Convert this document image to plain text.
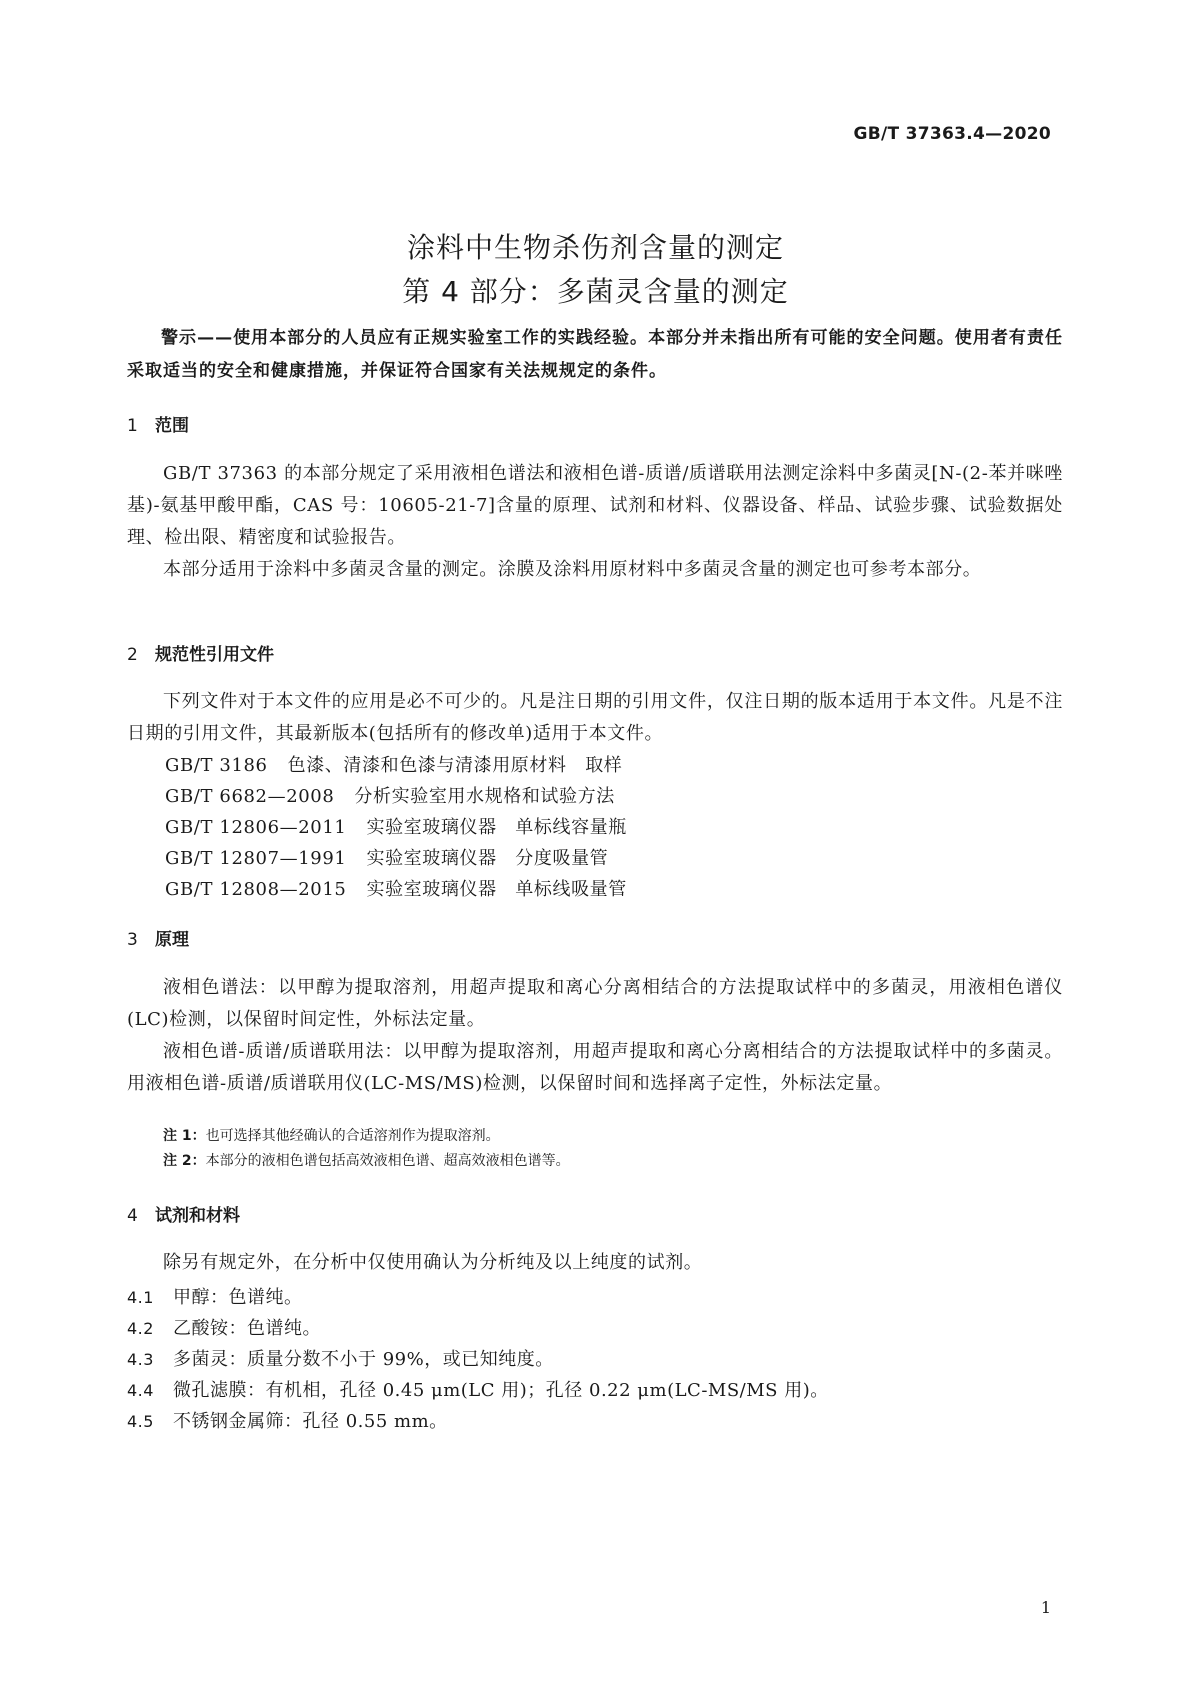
GB/T 37363.4—2020
涂料中生物杀伤剂含量的测定
第 4 部分：多菌灵含量的测定

警示——使用本部分的人员应有正规实验室工作的实践经验。本部分并未指出所有可能的安全问题。使用者有责任采取适当的安全和健康措施，并保证符合国家有关法规规定的条件。

1 范围

GB/T 37363 的本部分规定了采用液相色谱法和液相色谱-质谱/质谱联用法测定涂料中多菌灵[N-(2-苯并咪唑基)-氨基甲酸甲酯，CAS 号：10605-21-7]含量的原理、试剂和材料、仪器设备、样品、试验步骤、试验数据处理、检出限、精密度和试验报告。

本部分适用于涂料中多菌灵含量的测定。涂膜及涂料用原材料中多菌灵含量的测定也可参考本部分。

2 规范性引用文件

下列文件对于本文件的应用是必不可少的。凡是注日期的引用文件，仅注日期的版本适用于本文件。凡是不注日期的引用文件，其最新版本(包括所有的修改单)适用于本文件。

GB/T 3186 色漆、清漆和色漆与清漆用原材料　取样
GB/T 6682—2008 分析实验室用水规格和试验方法
GB/T 12806—2011 实验室玻璃仪器　单标线容量瓶
GB/T 12807—1991 实验室玻璃仪器　分度吸量管
GB/T 12808—2015 实验室玻璃仪器　单标线吸量管
3 原理

液相色谱法：以甲醇为提取溶剂，用超声提取和离心分离相结合的方法提取试样中的多菌灵，用液相色谱仪(LC)检测，以保留时间定性，外标法定量。

液相色谱-质谱/质谱联用法：以甲醇为提取溶剂，用超声提取和离心分离相结合的方法提取试样中的多菌灵。用液相色谱-质谱/质谱联用仪(LC-MS/MS)检测，以保留时间和选择离子定性，外标法定量。

注 1：也可选择其他经确认的合适溶剂作为提取溶剂。
注 2：本部分的液相色谱包括高效液相色谱、超高效液相色谱等。
4 试剂和材料

除另有规定外，在分析中仅使用确认为分析纯及以上纯度的试剂。

4.1 甲醇：色谱纯。
4.2 乙酸铵：色谱纯。
4.3 多菌灵：质量分数不小于 99%，或已知纯度。
4.4 微孔滤膜：有机相，孔径 0.45 μm(LC 用)；孔径 0.22 μm(LC-MS/MS 用)。
4.5 不锈钢金属筛：孔径 0.55 mm。
1
